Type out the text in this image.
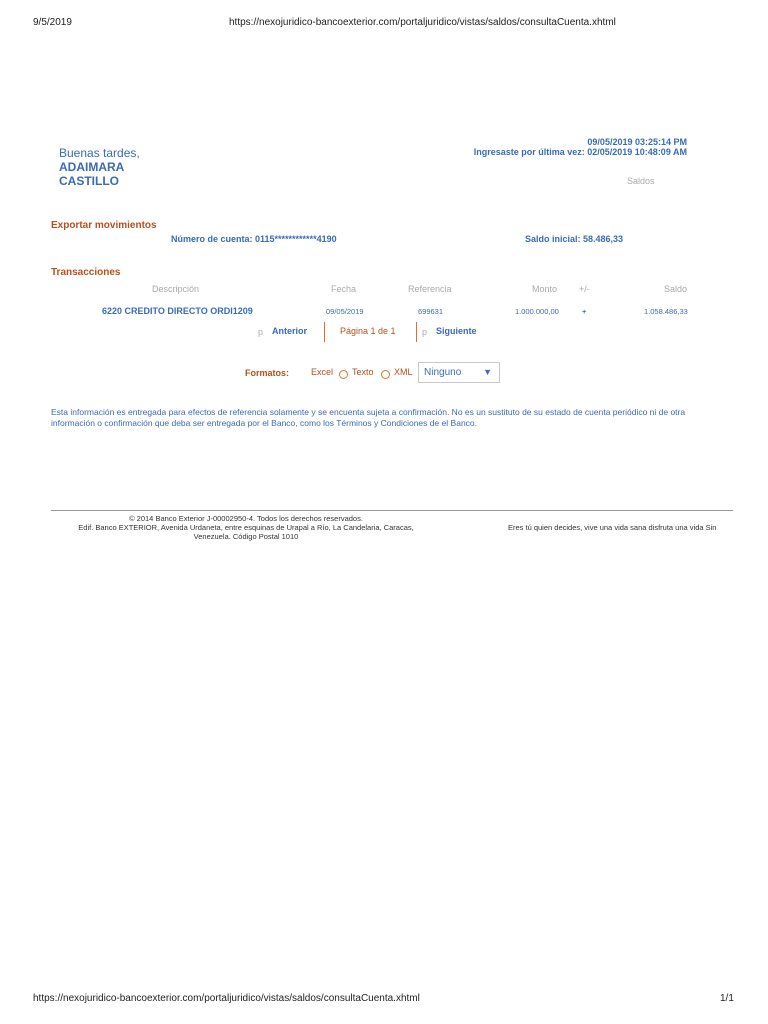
9/5/2019	https://nexojuridico-bancoexterior.com/portaljuridico/vistas/saldos/consultaCuenta.xhtml
Buenas tardes,
ADAIMARA
CASTILLO
09/05/2019 03:25:14 PM
Ingresaste por última vez: 02/05/2019 10:48:09 AM
Saldos
Exportar movimientos
Número de cuenta: 0115************4190	Saldo inicial: 58.486,33
Transacciones
Descripción	Fecha	Referencia	Monto +/-	Saldo
6220 CREDITO DIRECTO ORDI1209	09/05/2019	699631	1.000.000,00	+	1.058.486,33
p Anterior	Página 1 de 1	p Siguiente
Formatos: Excel Texto XML Ninguno ▼
Esta información es entregada para efectos de referencia solamente y se encuenta sujeta a confirmación. No es un sustituto de su estado de cuenta periódico ni de otra información o confirmación que deba ser entregada por el Banco, como los Términos y Condiciones de el Banco.
© 2014 Banco Exterior J-00002950-4. Todos los derechos reservados.
Edif. Banco EXTERIOR, Avenida Urdaneta, entre esquinas de Urapal a Río, La Candelaria, Caracas,
Venezuela. Código Postal 1010
Eres tú quien decides, vive una vida sana disfruta una vida Sin
https://nexojuridico-bancoexterior.com/portaljuridico/vistas/saldos/consultaCuenta.xhtml	1/1
